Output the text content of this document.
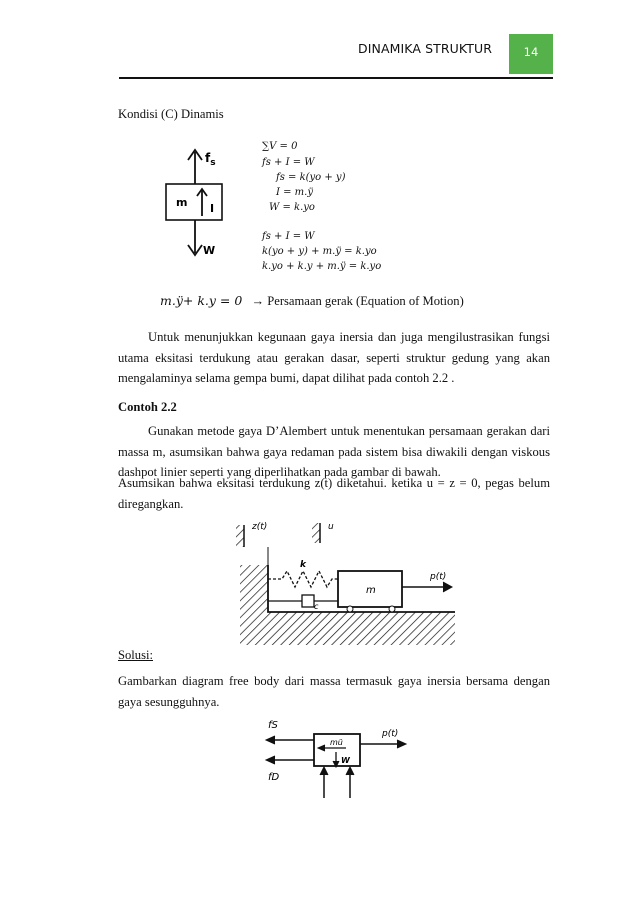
DINAMIKA STRUKTUR	14
Kondisi (C) Dinamis
m
$f_s$
I
W
∑V = 0
fs + I = W
fs = k(yo + y)
I = m.ÿ
W = k.yo
fs + I = W
k(yo + y) + m.ÿ = k.yo
k.yo + k.y + m.ÿ = k.yo
m.ÿ+ k.y = 0 → Persamaan gerak (Equation of Motion)
Untuk menunjukkan kegunaan gaya inersia dan juga mengilustrasikan fungsi utama eksitasi terdukung atau gerakan dasar, seperti struktur gedung yang akan mengalaminya selama gempa bumi, dapat dilihat pada contoh 2.2 .
Contoh 2.2
Gunakan metode gaya D’Alembert untuk menentukan persamaan gerakan dari massa m, asumsikan bahwa gaya redaman pada sistem bisa diwakili dengan viskous dashpot linier seperti yang diperlihatkan pada gambar di bawah.
Asumsikan bahwa eksitasi terdukung z(t) diketahui. ketika u = z = 0, pegas belum diregangkan.
z(t)	u
k
c
m
p(t)
Solusi:
Gambarkan diagram free body dari massa termasuk gaya inersia bersama dengan gaya sesungguhnya.
fS
fD
mü
W
p(t)
